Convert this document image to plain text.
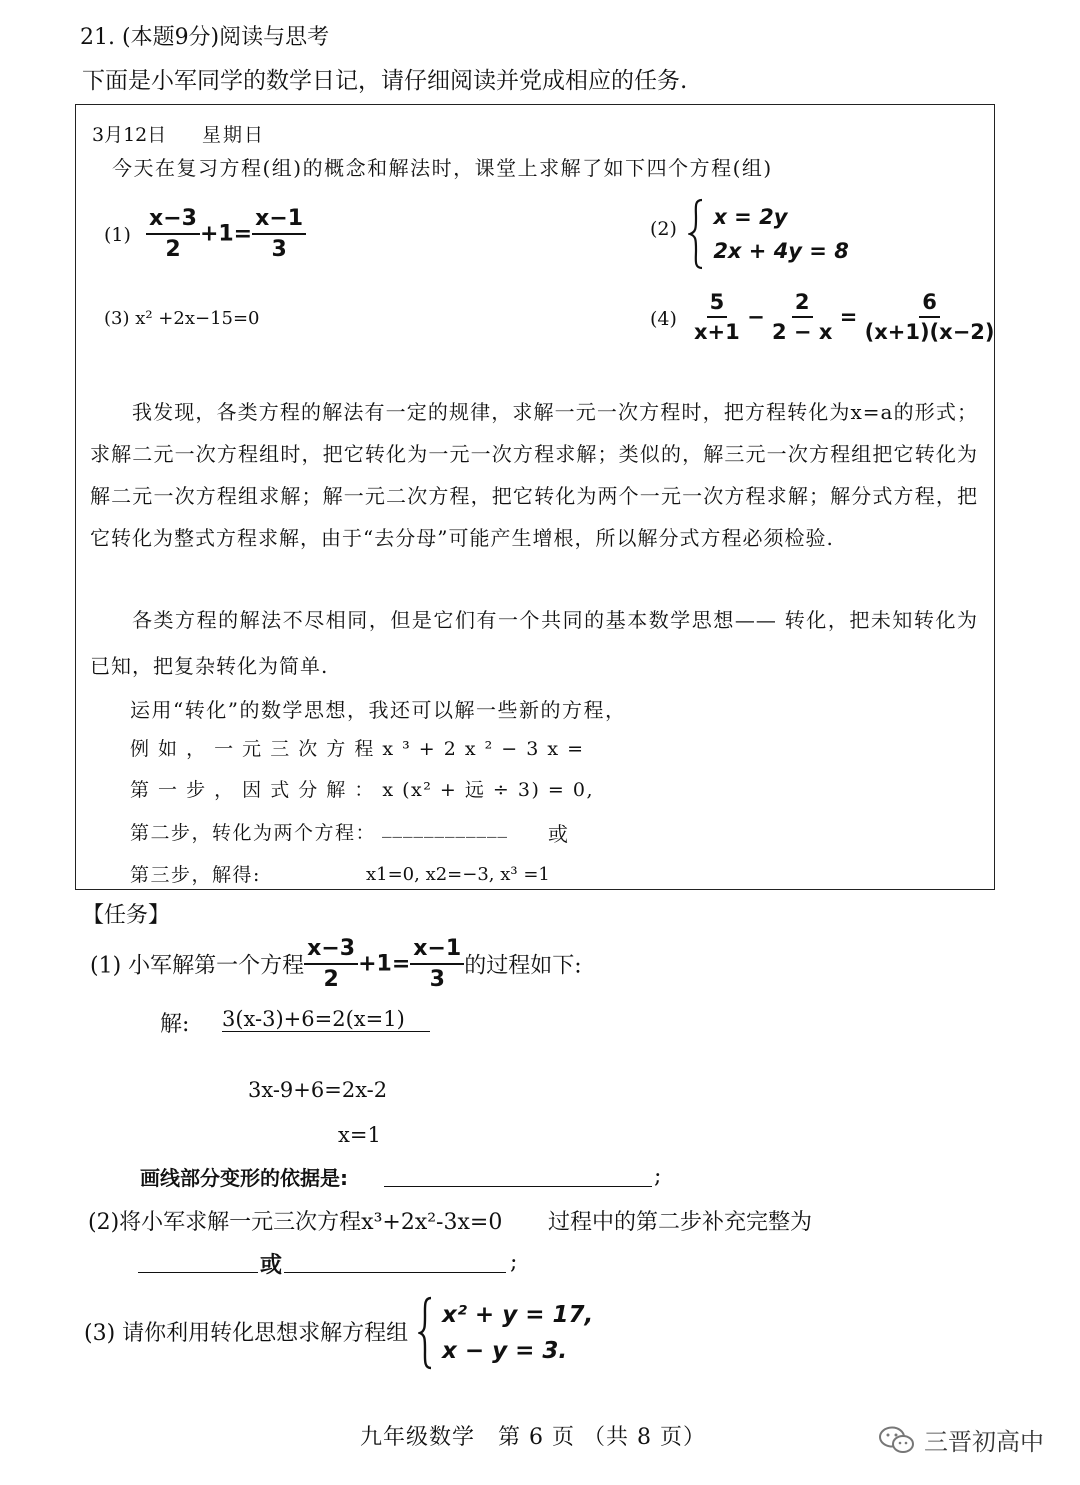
21. (本题9分)阅读与思考
下面是小军同学的数学日记，请仔细阅读并党成相应的任务.
3月12日 星期日
今天在复习方程(组)的概念和解法时，课堂上求解了如下四个方程(组)
$(1) \frac{x-3}{2} +1= \frac{x-1}{3}$	(2)
x = 2y
2x + 4y = 8
(3) x² +2x−15=0	$(4) \frac{5}{x+1} - \frac{2}{2 - x} = \frac{6}{(x+1)(x-2)}$
我发现，各类方程的解法有一定的规律，求解一元一次方程时，把方程转化为x=a的形式；求解二元一次方程组时，把它转化为一元一次方程求解；类似的，解三元一次方程组把它转化为解二元一次方程组求解；解一元二次方程，把它转化为两个一元一次方程求解；解分式方程，把它转化为整式方程求解，由于“去分母”可能产生增根，所以解分式方程必须检验.
各类方程的解法不尽相同，但是它们有一个共同的基本数学思想—— 转化，把未知转化为已知，把复杂转化为简单.
运用“转化”的数学思想，我还可以解一些新的方程，
例 如 ， 一 元 三 次 方 程 x ³ + 2 x ² − 3 x =
第 一 步 ， 因 式 分 解 ： x (x² + 远 ÷ 3) = 0,
第二步，转化为两个方程： ____________ 或
第三步，解得:	x1=0, x2=−3, x³ =1
【任务】
(1) 小军解第一个方程 $\frac{x-3}{2} +1= \frac{x-1}{3}$ 的过程如下:
解: 3(x-3)+6=2(x=1)
3x-9+6=2x-2
x=1
画线部分变形的依据是:	;
(2)将小军求解一元三次方程x³+2x²-3x=0 过程中的第二步补充完整为
或	;
(3) 请你利用转化思想求解方程组

x² + y = 17,
x − y = 3.
九年级数学　第 6 页 （共 8 页）	三晋初高中
